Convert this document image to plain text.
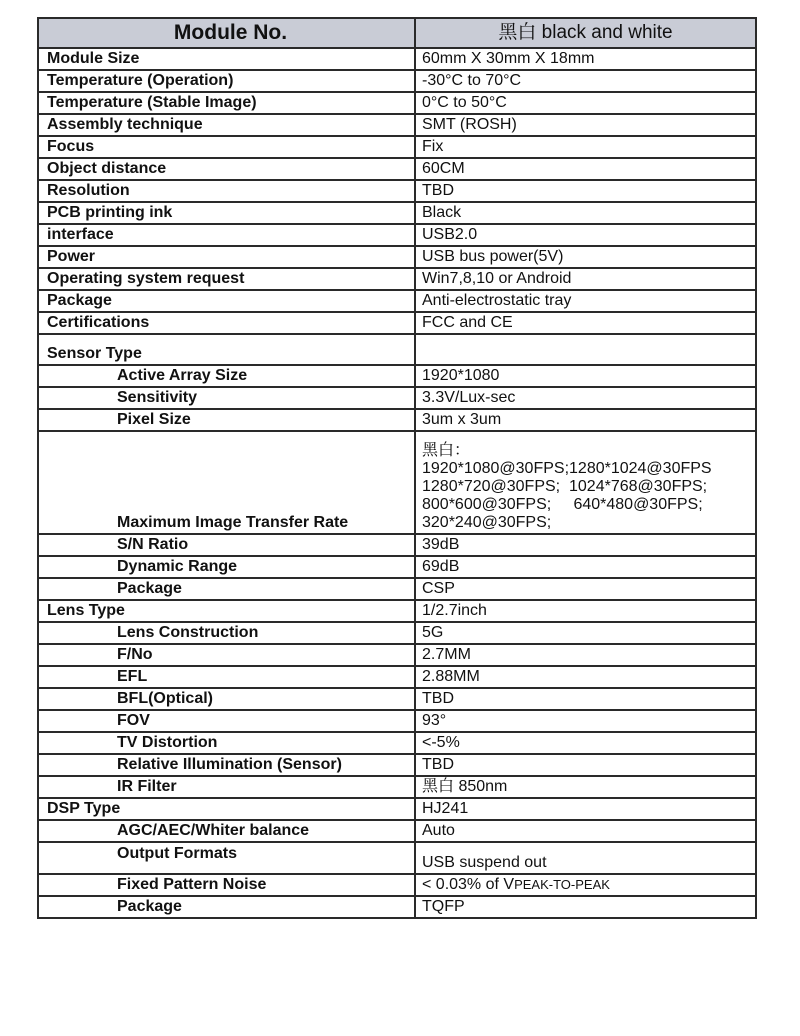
Module No.	黑白 black and white
Module Size	60mm X 30mm X 18mm
Temperature (Operation)	-30°C to 70°C
Temperature (Stable Image)	0°C to 50°C
Assembly technique	SMT (ROSH)
Focus	Fix
Object distance	60CM
Resolution	TBD
PCB printing ink	Black
interface	USB2.0
Power	USB bus power(5V)
Operating system request	Win7,8,10 or Android
Package	Anti-electrostatic tray
Certifications	FCC and CE
Sensor Type	
Active Array Size	1920*1080
Sensitivity	3.3V/Lux-sec
Pixel Size	3um x 3um
Maximum Image Transfer Rate	黑白：
1920*1080@30FPS;1280*1024@30FPS
1280*720@30FPS;  1024*768@30FPS;
800*600@30FPS;     640*480@30FPS;
320*240@30FPS;

S/N Ratio	39dB
Dynamic Range	69dB
Package	CSP
Lens Type	1/2.7inch
Lens Construction	5G
F/No	2.7MM
EFL	2.88MM
BFL(Optical)	TBD
FOV	93°
TV Distortion	<-5%
Relative Illumination (Sensor)	TBD
IR Filter	黑白 850nm
DSP Type	HJ241
AGC/AEC/Whiter balance	Auto
Output Formats	USB suspend out
Fixed Pattern Noise	< 0.03% of VPEAK-TO-PEAK
Package	TQFP
